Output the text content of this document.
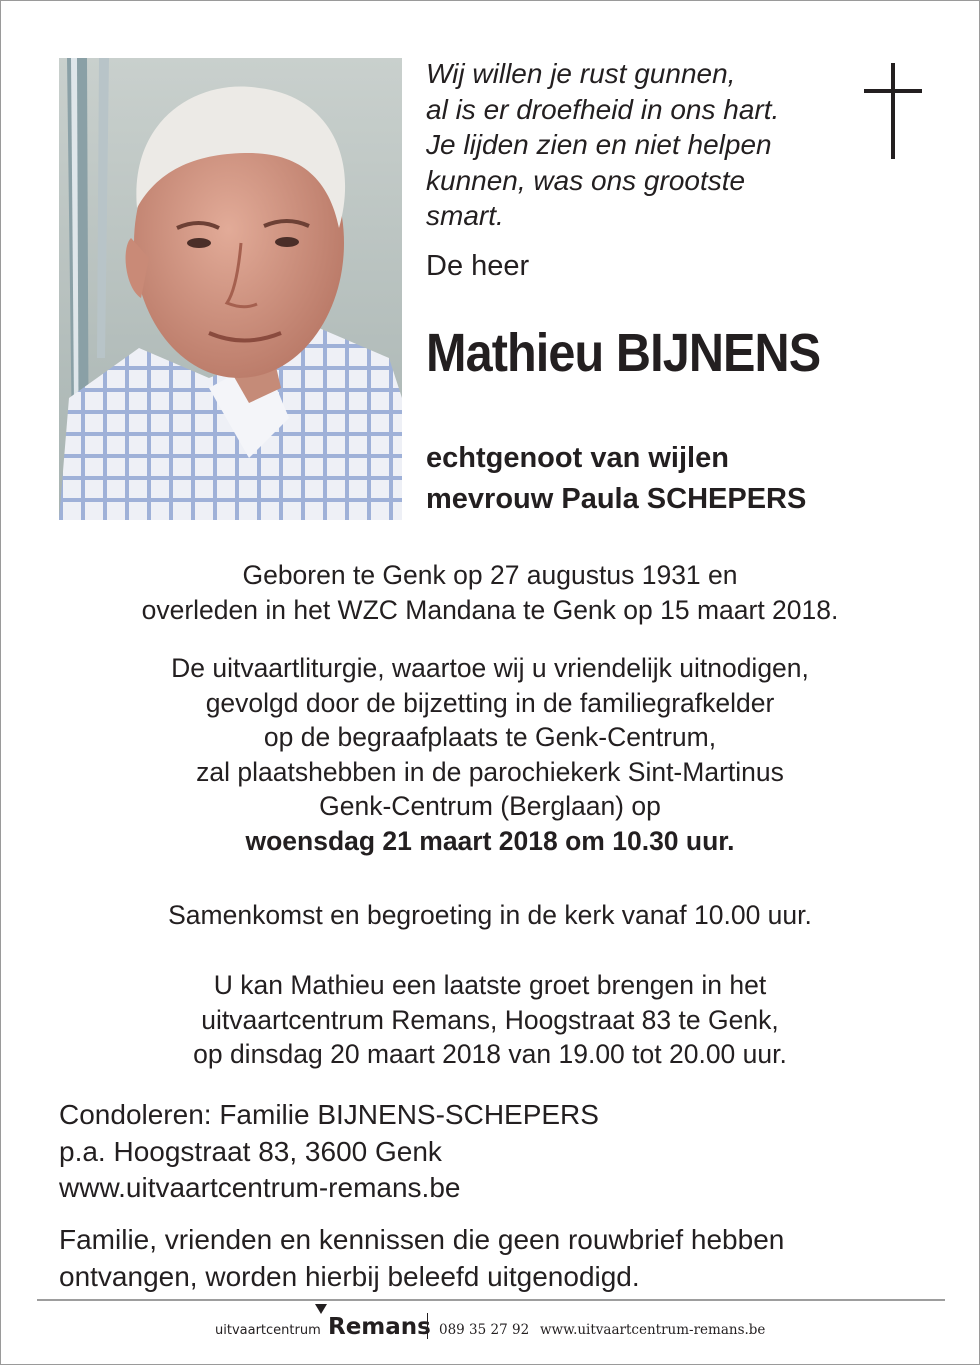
Wij willen je rust gunnen,
al is er droefheid in ons hart.
Je lijden zien en niet helpen
kunnen, was ons grootste
smart.
De heer
Mathieu BIJNENS
echtgenoot van wijlen
mevrouw Paula SCHEPERS
Geboren te Genk op 27 augustus 1931 en
overleden in het WZC Mandana te Genk op 15 maart 2018.
De uitvaartliturgie, waartoe wij u vriendelijk uitnodigen,
gevolgd door de bijzetting in de familiegrafkelder
op de begraafplaats te Genk-Centrum,
zal plaatshebben in de parochiekerk Sint-Martinus
Genk-Centrum (Berglaan) op
woensdag 21 maart 2018 om 10.30 uur.
Samenkomst en begroeting in de kerk vanaf 10.00 uur.
U kan Mathieu een laatste groet brengen in het
uitvaartcentrum Remans, Hoogstraat 83 te Genk,
op dinsdag 20 maart 2018 van 19.00 tot 20.00 uur.
Condoleren: Familie BIJNENS-SCHEPERS
p.a. Hoogstraat 83, 3600 Genk
www.uitvaartcentrum-remans.be
Familie, vrienden en kennissen die geen rouwbrief hebben
ontvangen, worden hierbij beleefd uitgenodigd.
uitvaartcentrum Remans 089 35 27 92 www.uitvaartcentrum-remans.be
